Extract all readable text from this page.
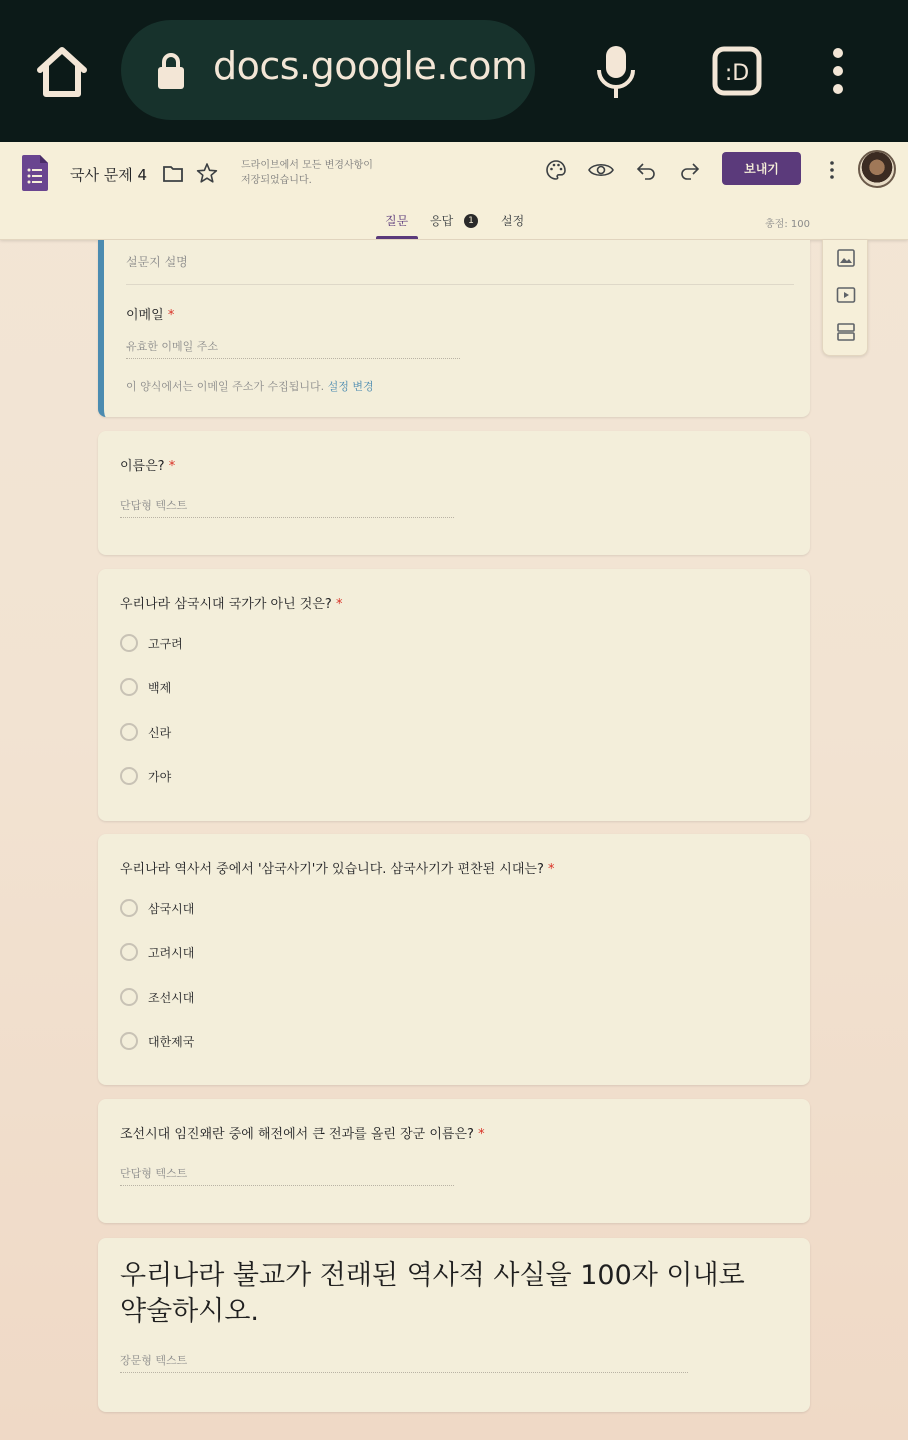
docs.google.com	:D
국사 문제 4
드라이브에서 모든 변경사항이
저장되었습니다.
보내기
질문 응답	1	설정	총점: 100
설문지 설명
이메일 *
유효한 이메일 주소
이 양식에서는 이메일 주소가 수집됩니다. 설정 변경
이름은? *
단답형 텍스트
우리나라 삼국시대 국가가 아닌 것은? *
고구려
백제
신라
가야
우리나라 역사서 중에서 '삼국사기'가 있습니다. 삼국사기가 편찬된 시대는? *
삼국시대
고려시대
조선시대
대한제국
조선시대 임진왜란 중에 해전에서 큰 전과를 올린 장군 이름은? *
단답형 텍스트
우리나라 불교가 전래된 역사적 사실을 100자 이내로
약술하시오.
장문형 텍스트
